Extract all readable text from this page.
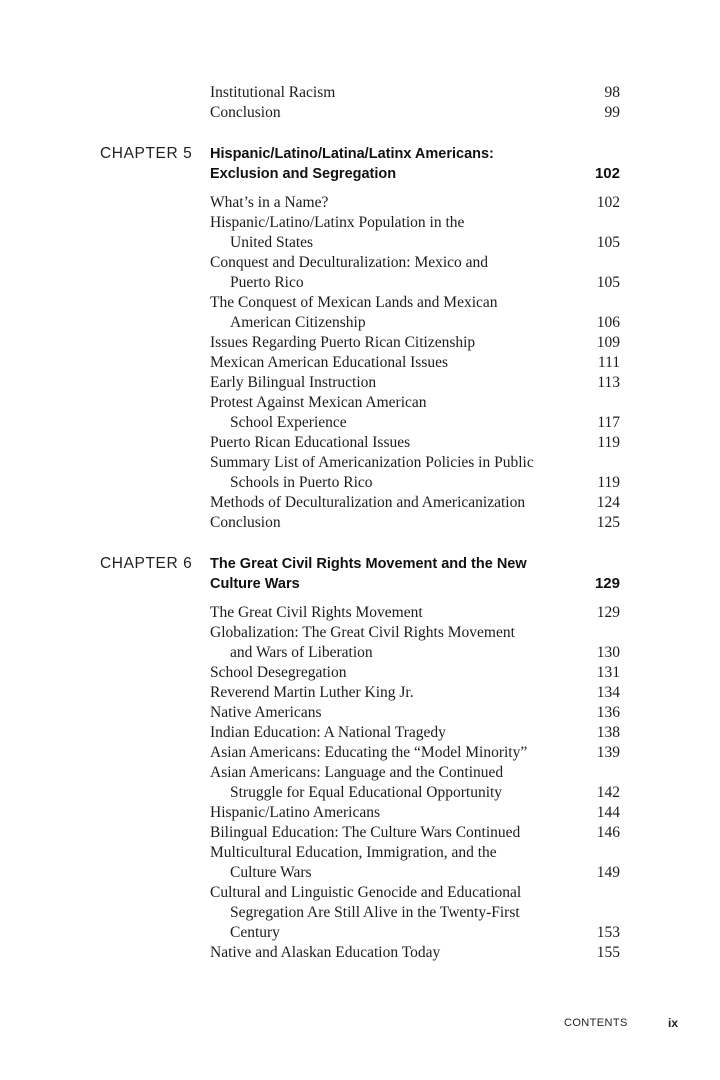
Institutional Racism	98
Conclusion	99
CHAPTER 5 Hispanic/Latino/Latina/Latinx Americans:
Exclusion and Segregation	102
What’s in a Name?	102
Hispanic/Latino/Latinx Population in the
United States	105
Conquest and Deculturalization: Mexico and
Puerto Rico	105
The Conquest of Mexican Lands and Mexican
American Citizenship	106
Issues Regarding Puerto Rican Citizenship	109
Mexican American Educational Issues	111
Early Bilingual Instruction	113
Protest Against Mexican American
School Experience	117
Puerto Rican Educational Issues	119
Summary List of Americanization Policies in Public
Schools in Puerto Rico	119
Methods of Deculturalization and Americanization	124
Conclusion	125
CHAPTER 6 The Great Civil Rights Movement and the New
Culture Wars	129
The Great Civil Rights Movement	129
Globalization: The Great Civil Rights Movement
and Wars of Liberation	130
School Desegregation	131
Reverend Martin Luther King Jr.	134
Native Americans	136
Indian Education: A National Tragedy	138
Asian Americans: Educating the “Model Minority”	139
Asian Americans: Language and the Continued
Struggle for Equal Educational Opportunity	142
Hispanic/Latino Americans	144
Bilingual Education: The Culture Wars Continued	146
Multicultural Education, Immigration, and the
Culture Wars	149
Cultural and Linguistic Genocide and Educational
Segregation Are Still Alive in the Twenty-First
Century	153
Native and Alaskan Education Today	155
CONTENTS	ix
